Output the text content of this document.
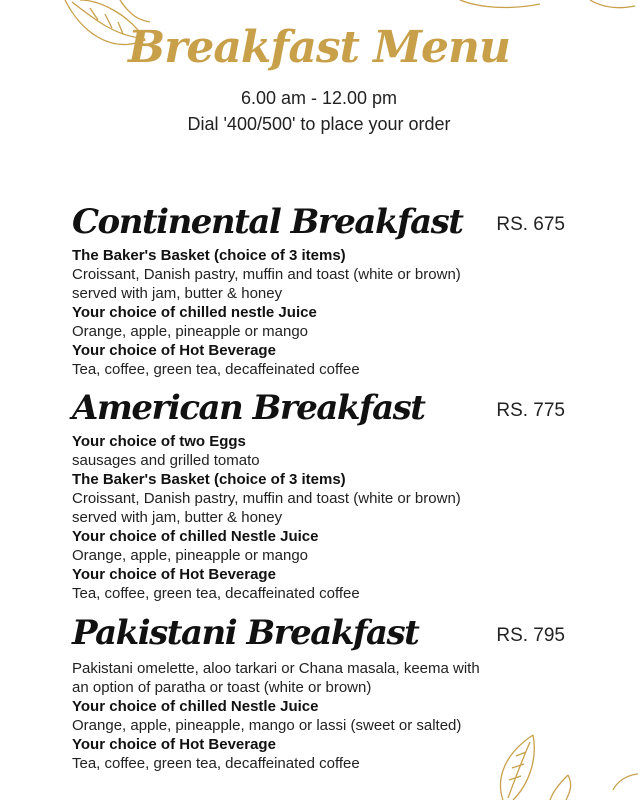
Breakfast Menu
6.00 am - 12.00 pm
Dial '400/500' to place your order
Continental Breakfast RS. 675
The Baker's Basket (choice of 3 items)
Croissant, Danish pastry, muffin and toast (white or brown)
served with jam, butter & honey
Your choice of chilled nestle Juice
Orange, apple, pineapple or mango
Your choice of Hot Beverage
Tea, coffee, green tea, decaffeinated coffee
American Breakfast	RS. 775
Your choice of two Eggs
sausages and grilled tomato
The Baker's Basket (choice of 3 items)
Croissant, Danish pastry, muffin and toast (white or brown)
served with jam, butter & honey
Your choice of chilled Nestle Juice
Orange, apple, pineapple or mango
Your choice of Hot Beverage
Tea, coffee, green tea, decaffeinated coffee
Pakistani Breakfast	RS. 795
Pakistani omelette, aloo tarkari or Chana masala, keema with
an option of paratha or toast (white or brown)
Your choice of chilled Nestle Juice
Orange, apple, pineapple, mango or lassi (sweet or salted)
Your choice of Hot Beverage
Tea, coffee, green tea, decaffeinated coffee
